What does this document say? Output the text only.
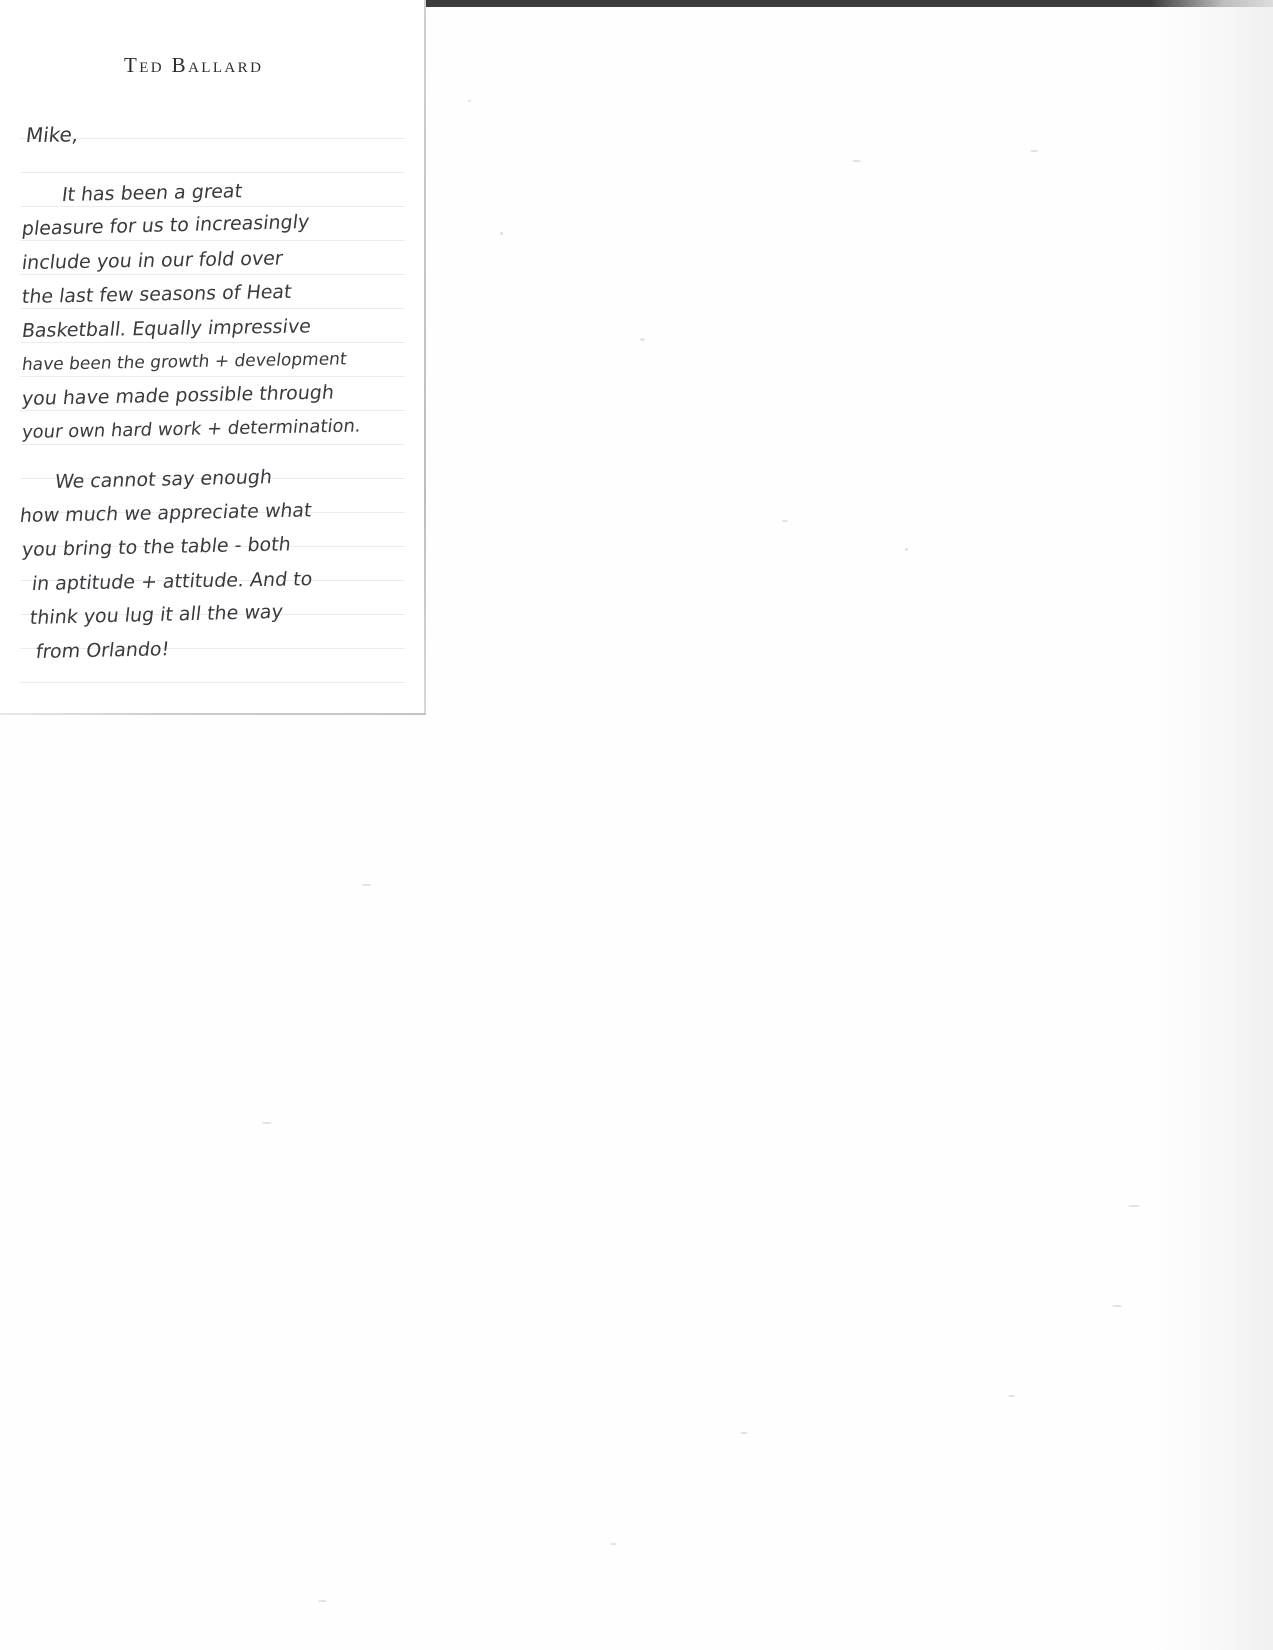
Ted Ballard
Mike,
It has been a great
pleasure for us to increasingly
include you in our fold over
the last few seasons of Heat
Basketball. Equally impressive
have been the growth + development
you have made possible through
your own hard work + determination.
We cannot say enough
how much we appreciate what
you bring to the table - both
in aptitude + attitude. And to
think you lug it all the way
from Orlando!
